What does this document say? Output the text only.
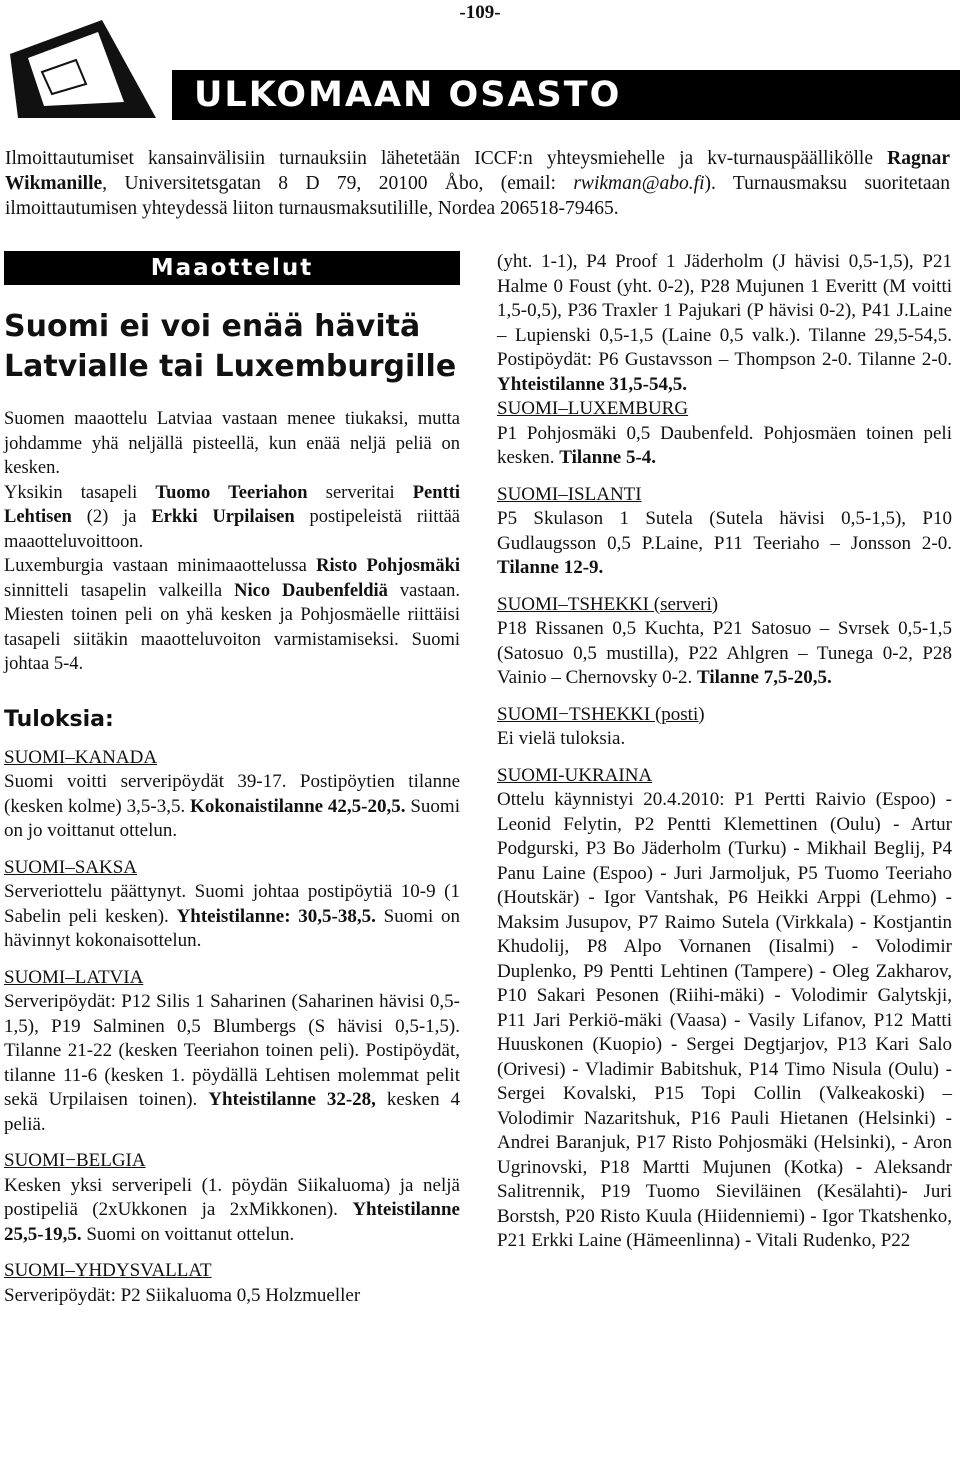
-109-
ULKOMAAN OSASTO
Ilmoittautumiset kansainvälisiin turnauksiin lähetetään ICCF:n yhteysmiehelle ja kv-turnauspäällikölle Ragnar Wikmanille, Universitetsgatan 8 D 79, 20100 Åbo, (email: rwikman@abo.fi). Turnausmaksu suoritetaan ilmoittautumisen yhteydessä liiton turnausmaksutilille, Nordea 206518-79465.
Maaottelut
Suomi ei voi enää hävitä Latvialle tai Luxemburgille

Suomen maaottelu Latviaa vastaan menee tiukaksi, mutta johdamme yhä neljällä pisteellä, kun enää neljä peliä on kesken.

Yksikin tasapeli Tuomo Teeriahon serveritai Pentti Lehtisen (2) ja Erkki Urpilaisen postipeleistä riittää maaotteluvoittoon.

Luxemburgia vastaan minimaaottelussa Risto Pohjosmäki sinnitteli tasapelin valkeilla Nico Daubenfeldiä vastaan. Miesten toinen peli on yhä kesken ja Pohjosmäelle riittäisi tasapeli siitäkin maaotteluvoiton varmistamiseksi. Suomi johtaa 5-4.

Tuloksia:

SUOMI–KANADA

Suomi voitti serveripöydät 39-17. Postipöytien tilanne (kesken kolme) 3,5-3,5. Kokonaistilanne 42,5-20,5. Suomi on jo voittanut ottelun.

SUOMI–SAKSA

Serveriottelu päättynyt. Suomi johtaa postipöytiä 10-9 (1 Sabelin peli kesken). Yhteistilanne: 30,5-38,5. Suomi on hävinnyt kokonaisottelun.

SUOMI–LATVIA

Serveripöydät: P12 Silis 1 Saharinen (Saharinen hävisi 0,5-1,5), P19 Salminen 0,5 Blumbergs (S hävisi 0,5-1,5). Tilanne 21-22 (kesken Teeriahon toinen peli). Postipöydät, tilanne 11-6 (kesken 1. pöydällä Lehtisen molemmat pelit sekä Urpilaisen toinen). Yhteistilanne 32-28, kesken 4 peliä.

SUOMI−BELGIA

Kesken yksi serveripeli (1. pöydän Siikaluoma) ja neljä postipeliä (2xUkkonen ja 2xMikkonen). Yhteistilanne 25,5-19,5. Suomi on voittanut ottelun.

SUOMI–YHDYSVALLAT

Serveripöydät: P2 Siikaluoma 0,5 Holzmueller

(yht. 1-1), P4 Proof 1 Jäderholm (J hävisi 0,5-1,5), P21 Halme 0 Foust (yht. 0-2), P28 Mujunen 1 Everitt (M voitti 1,5-0,5), P36 Traxler 1 Pajukari (P hävisi 0-2), P41 J.Laine – Lupienski 0,5-1,5 (Laine 0,5 valk.). Tilanne 29,5-54,5. Postipöydät: P6 Gustavsson – Thompson 2-0. Tilanne 2-0. Yhteistilanne 31,5-54,5.

SUOMI–LUXEMBURG

P1 Pohjosmäki 0,5 Daubenfeld. Pohjosmäen toinen peli kesken. Tilanne 5-4.

SUOMI–ISLANTI

P5 Skulason 1 Sutela (Sutela hävisi 0,5-1,5), P10 Gudlaugsson 0,5 P.Laine, P11 Teeriaho – Jonsson 2-0. Tilanne 12-9.

SUOMI–TSHEKKI (serveri)

P18 Rissanen 0,5 Kuchta, P21 Satosuo – Svrsek 0,5-1,5 (Satosuo 0,5 mustilla), P22 Ahlgren – Tunega 0-2, P28 Vainio – Chernovsky 0-2. Tilanne 7,5-20,5.

SUOMI−TSHEKKI (posti)

Ei vielä tuloksia.

SUOMI-UKRAINA

Ottelu käynnistyi 20.4.2010: P1 Pertti Raivio (Espoo) - Leonid Felytin, P2 Pentti Klemettinen (Oulu) - Artur Podgurski, P3 Bo Jäderholm (Turku) - Mikhail Beglij, P4 Panu Laine (Espoo) - Juri Jarmoljuk, P5 Tuomo Teeriaho (Houtskär) - Igor Vantshak, P6 Heikki Arppi (Lehmo) - Maksim Jusupov, P7 Raimo Sutela (Virkkala) - Kostjantin Khudolij, P8 Alpo Vornanen (Iisalmi) - Volodimir Duplenko, P9 Pentti Lehtinen (Tampere) - Oleg Zakharov, P10 Sakari Pesonen (Riihi-mäki) - Volodimir Galytskji, P11 Jari Perkiö-mäki (Vaasa) - Vasily Lifanov, P12 Matti Huuskonen (Kuopio) - Sergei Degtjarjov, P13 Kari Salo (Orivesi) - Vladimir Babitshuk, P14 Timo Nisula (Oulu) - Sergei Kovalski, P15 Topi Collin (Valkeakoski) – Volodimir Nazaritshuk, P16 Pauli Hietanen (Helsinki) - Andrei Baranjuk, P17 Risto Pohjosmäki (Helsinki), - Aron Ugrinovski, P18 Martti Mujunen (Kotka) - Aleksandr Salitrennik, P19 Tuomo Sieviläinen (Kesälahti)- Juri Borstsh, P20 Risto Kuula (Hiidenniemi) - Igor Tkatshenko, P21 Erkki Laine (Hämeenlinna) - Vitali Rudenko, P22
